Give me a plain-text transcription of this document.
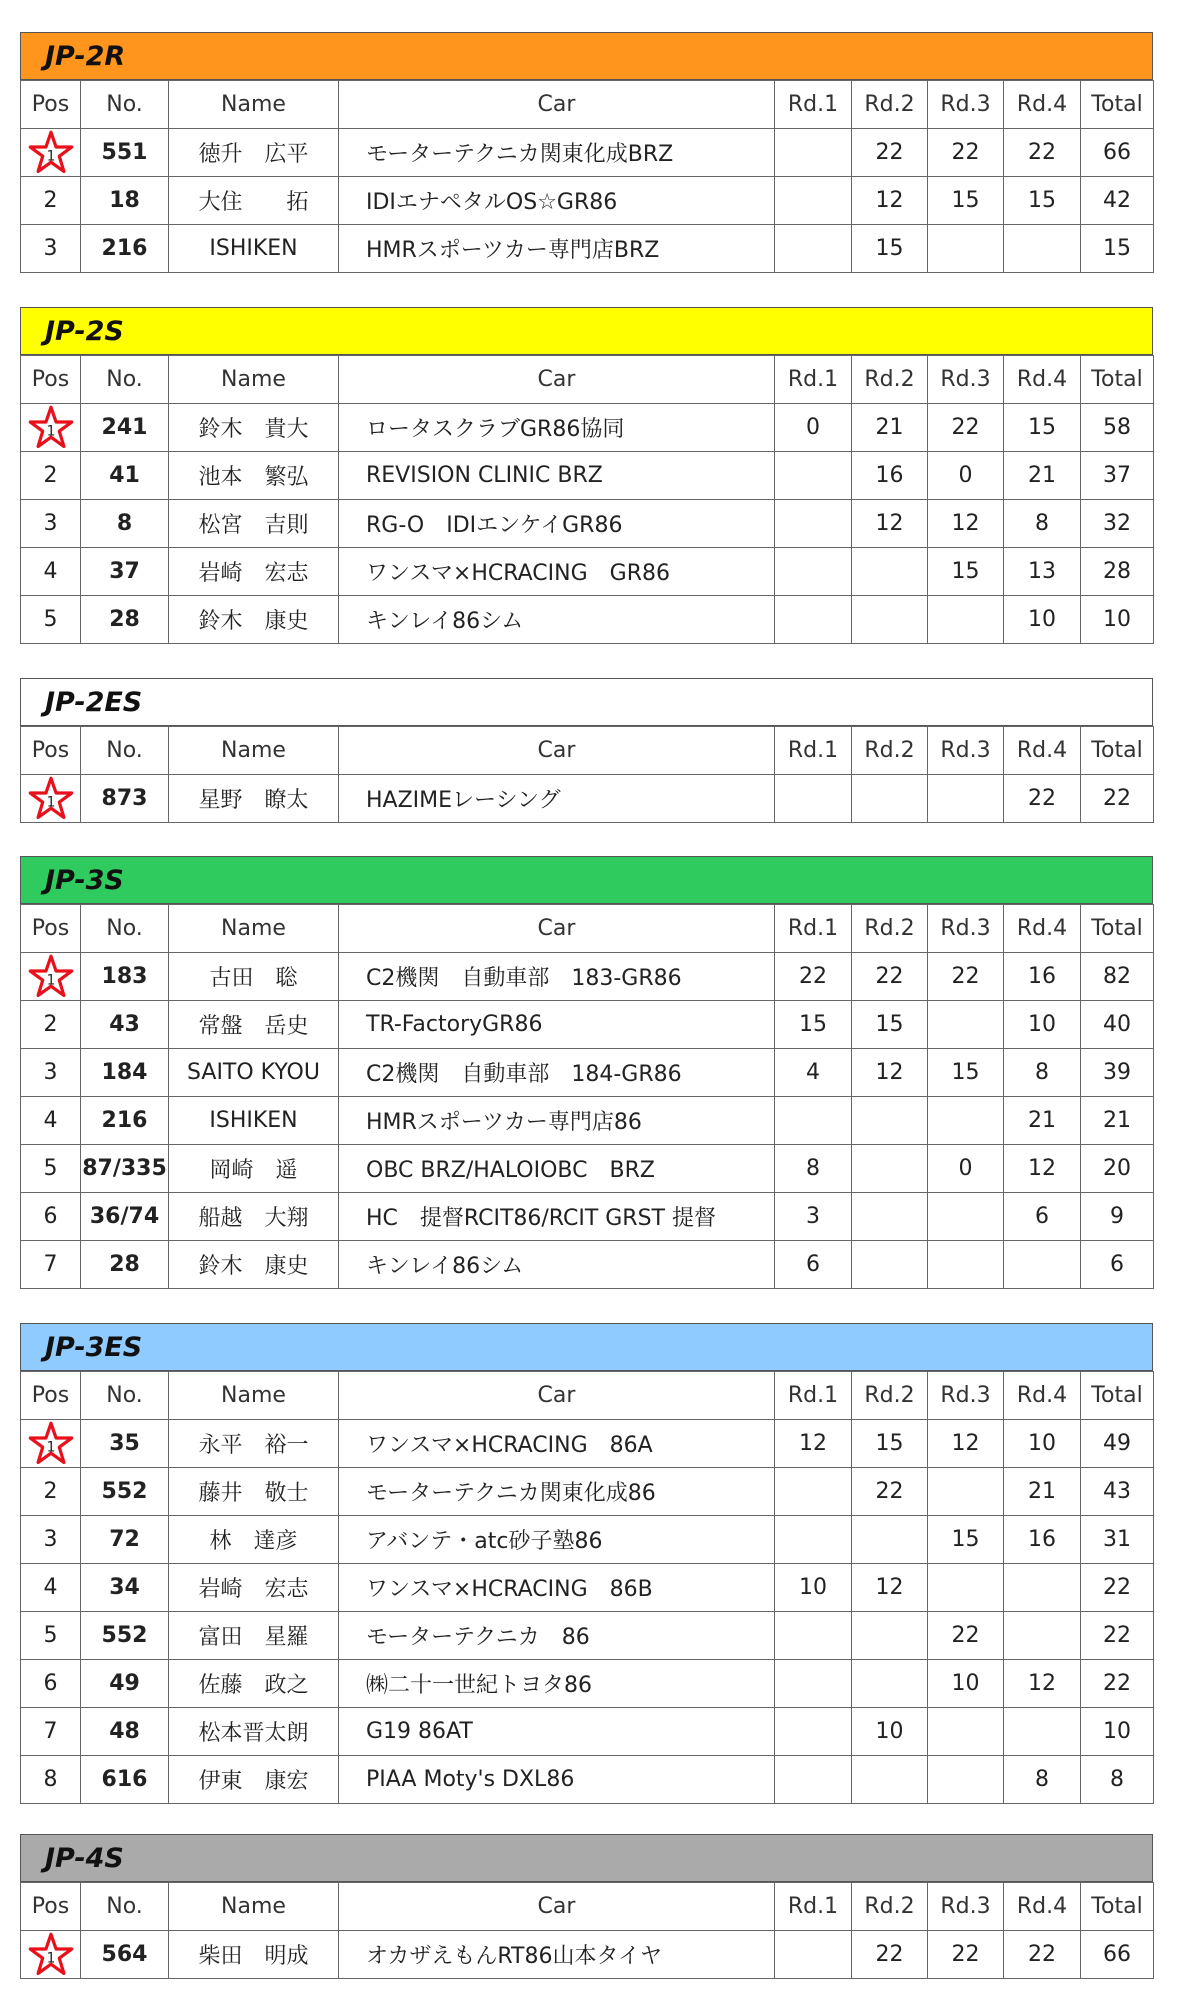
JP-2R
Pos	No.	Name	Car	Rd.1	Rd.2	Rd.3	Rd.4	Total

1	551	徳升　広平	モーターテクニカ関東化成BRZ		22	22	22	66
2	18	大住　　拓	IDIエナペタルOS☆GR86		12	15	15	42
3	216	ISHIKEN	HMRスポーツカー専門店BRZ		15			15
JP-2S
Pos	No.	Name	Car	Rd.1	Rd.2	Rd.3	Rd.4	Total

1	241	鈴木　貴大	ロータスクラブGR86協同	0	21	22	15	58
2	41	池本　繁弘	REVISION CLINIC BRZ		16	0	21	37
3	8	松宮　吉則	RG-O　IDIエンケイGR86		12	12	8	32
4	37	岩崎　宏志	ワンスマ×HCRACING　GR86			15	13	28
5	28	鈴木　康史	キンレイ86シム				10	10
JP-2ES
Pos	No.	Name	Car	Rd.1	Rd.2	Rd.3	Rd.4	Total

1	873	星野　瞭太	HAZIMEレーシング				22	22
JP-3S
Pos	No.	Name	Car	Rd.1	Rd.2	Rd.3	Rd.4	Total

1	183	古田　聡	C2機関　自動車部　183-GR86	22	22	22	16	82
2	43	常盤　岳史	TR-FactoryGR86	15	15		10	40
3	184	SAITO KYOU	C2機関　自動車部　184-GR86	4	12	15	8	39
4	216	ISHIKEN	HMRスポーツカー専門店86				21	21
5	87/335	岡崎　遥	OBC BRZ/HALOIOBC　BRZ	8		0	12	20
6	36/74	船越　大翔	HC　提督RCIT86/RCIT GRST 提督	3			6	9
7	28	鈴木　康史	キンレイ86シム	6				6
JP-3ES
Pos	No.	Name	Car	Rd.1	Rd.2	Rd.3	Rd.4	Total

1	35	永平　裕一	ワンスマ×HCRACING　86A	12	15	12	10	49
2	552	藤井　敬士	モーターテクニカ関東化成86		22		21	43
3	72	林　達彦	アバンテ・atc砂子塾86			15	16	31
4	34	岩崎　宏志	ワンスマ×HCRACING　86B	10	12			22
5	552	富田　星羅	モーターテクニカ　86			22		22
6	49	佐藤　政之	㈱二十一世紀トヨタ86			10	12	22
7	48	松本晋太朗	G19 86AT		10			10
8	616	伊東　康宏	PIAA Moty's DXL86				8	8
JP-4S
Pos	No.	Name	Car	Rd.1	Rd.2	Rd.3	Rd.4	Total

1	564	柴田　明成	オカザえもんRT86山本タイヤ		22	22	22	66
